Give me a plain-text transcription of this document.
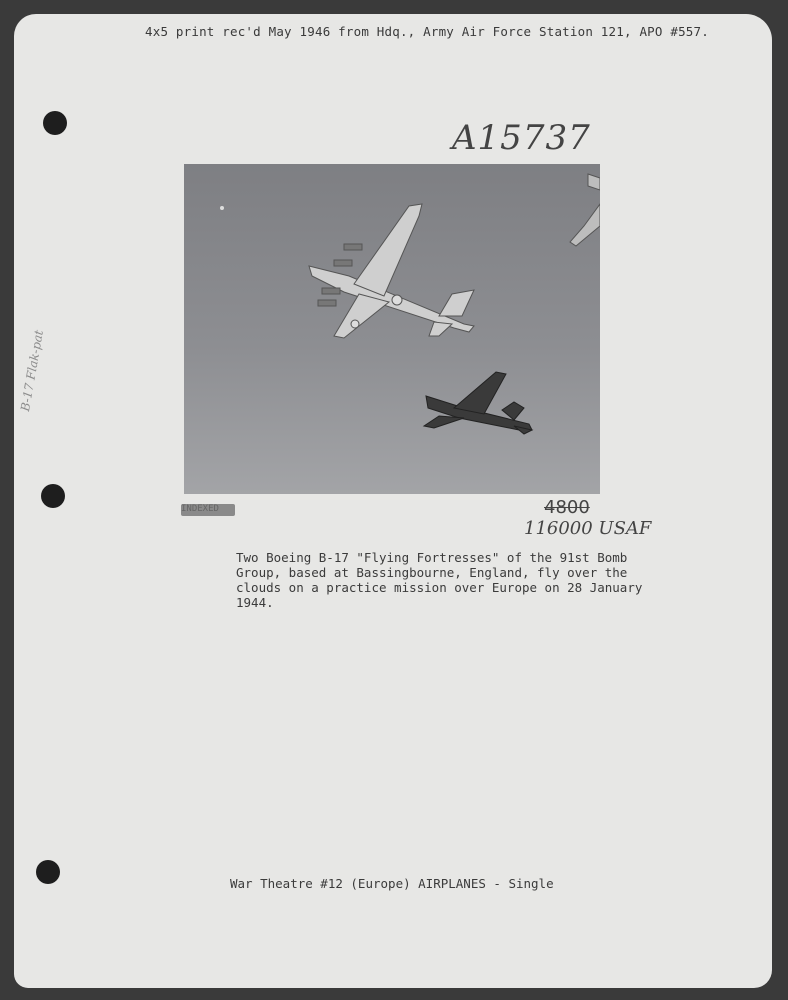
4x5 print rec'd May 1946 from Hdq., Army Air Force Station 121, APO #557.
A15737
INDEXED	4800
116000 USAF
Two Boeing B-17 "Flying Fortresses" of the 91st Bomb
Group, based at Bassingbourne, England, fly over the
clouds on a practice mission over Europe on 28 January
1944.
War Theatre #12 (Europe) AIRPLANES - Single
B-17 Flak-pat
